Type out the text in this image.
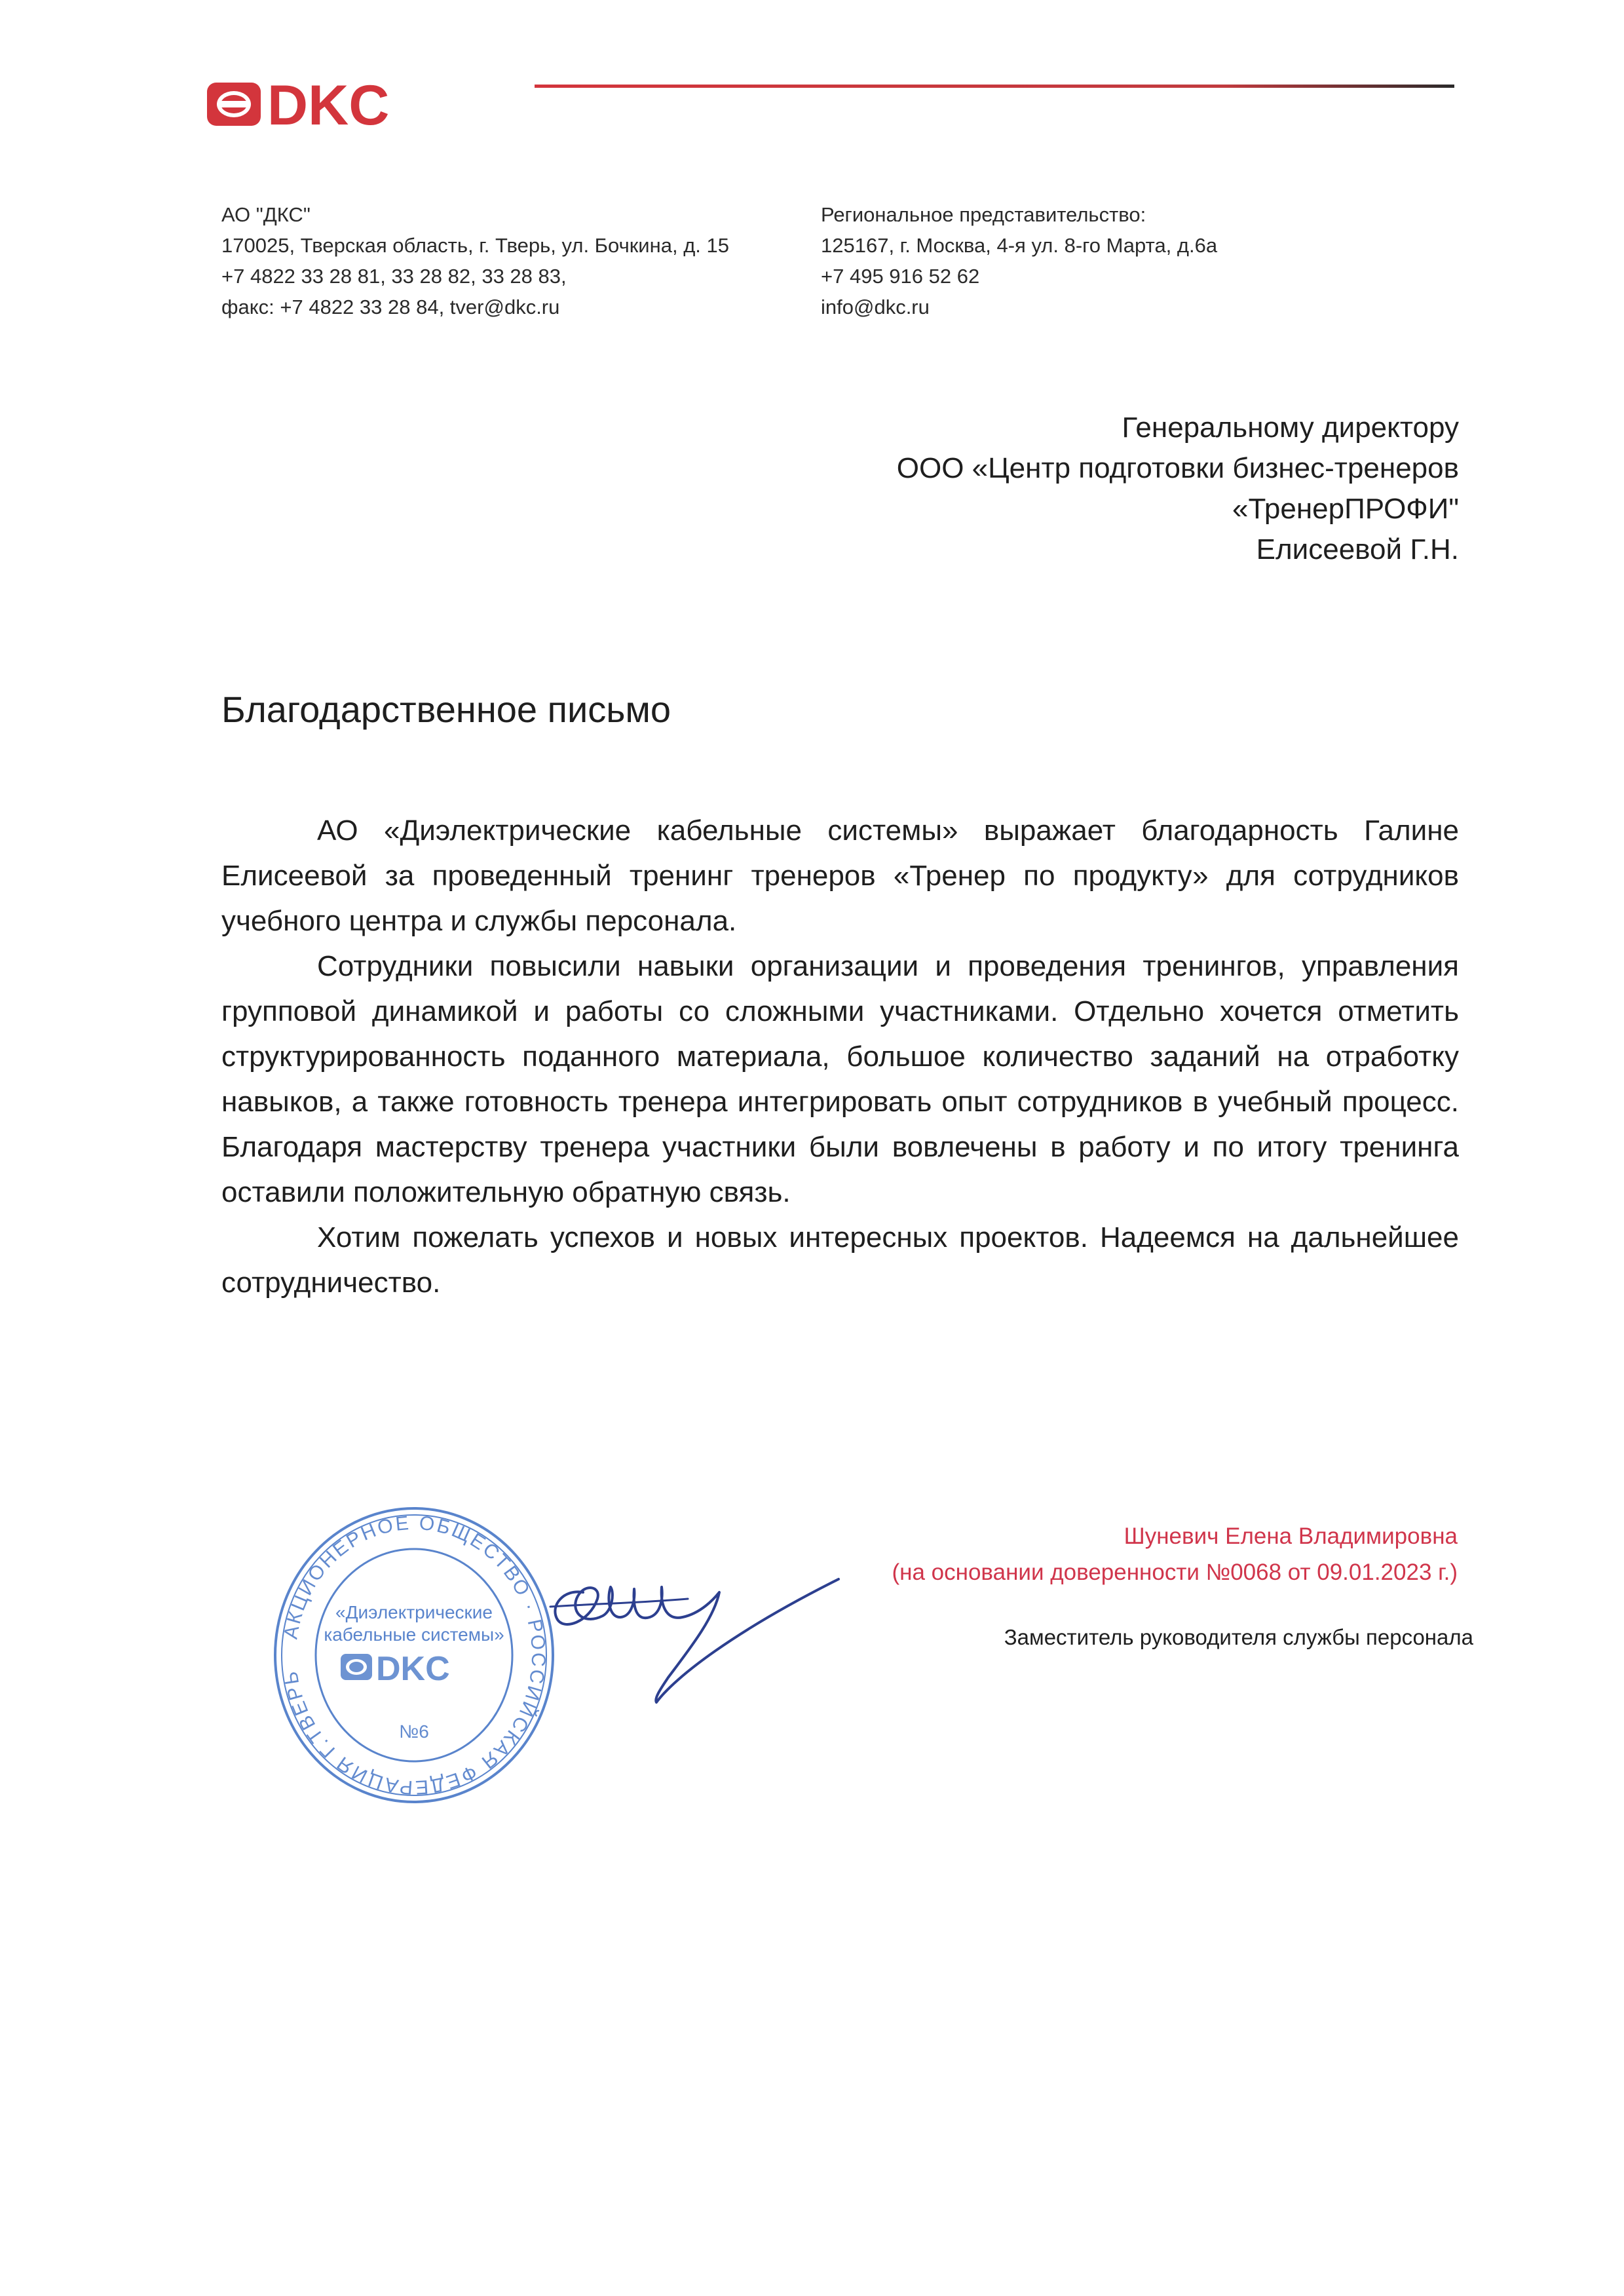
DKC
АО "ДКС"
170025, Тверская область, г. Тверь, ул. Бочкина, д. 15
+7 4822 33 28 81, 33 28 82, 33 28 83,
факс: +7 4822 33 28 84, tver@dkc.ru
Региональное представительство:
125167, г. Москва, 4-я ул. 8-го Марта, д.6а
+7 495 916 52 62
info@dkc.ru
Генеральному директору
ООО «Центр подготовки бизнес-тренеров
«ТренерПРОФИ"
Елисеевой Г.Н.
Благодарственное письмо

АО «Диэлектрические кабельные системы» выражает благодарность Галине Елисеевой за проведенный тренинг тренеров «Тренер по продукту» для сотрудников учебного центра и службы персонала.

Сотрудники повысили навыки организации и проведения тренингов, управления групповой динамикой и работы со сложными участниками. Отдельно хочется отметить структурированность поданного материала, большое количество заданий на отработку навыков, а также готовность тренера интегрировать опыт сотрудников в учебный процесс. Благодаря мастерству тренера участники были вовлечены в работу и по итогу тренинга оставили положительную обратную связь.

Хотим пожелать успехов и новых интересных проектов. Надеемся на дальнейшее сотрудничество.

АКЦИОНЕРНОЕ ОБЩЕСТВО · РОССИЙСКАЯ ФЕДЕРАЦИЯ Г.ТВЕРЬ
«Диэлектрические
кабельные системы»
DKC
№6
Шуневич Елена Владимировна
(на основании доверенности №0068 от 09.01.2023 г.)
Заместитель руководителя службы персонала
